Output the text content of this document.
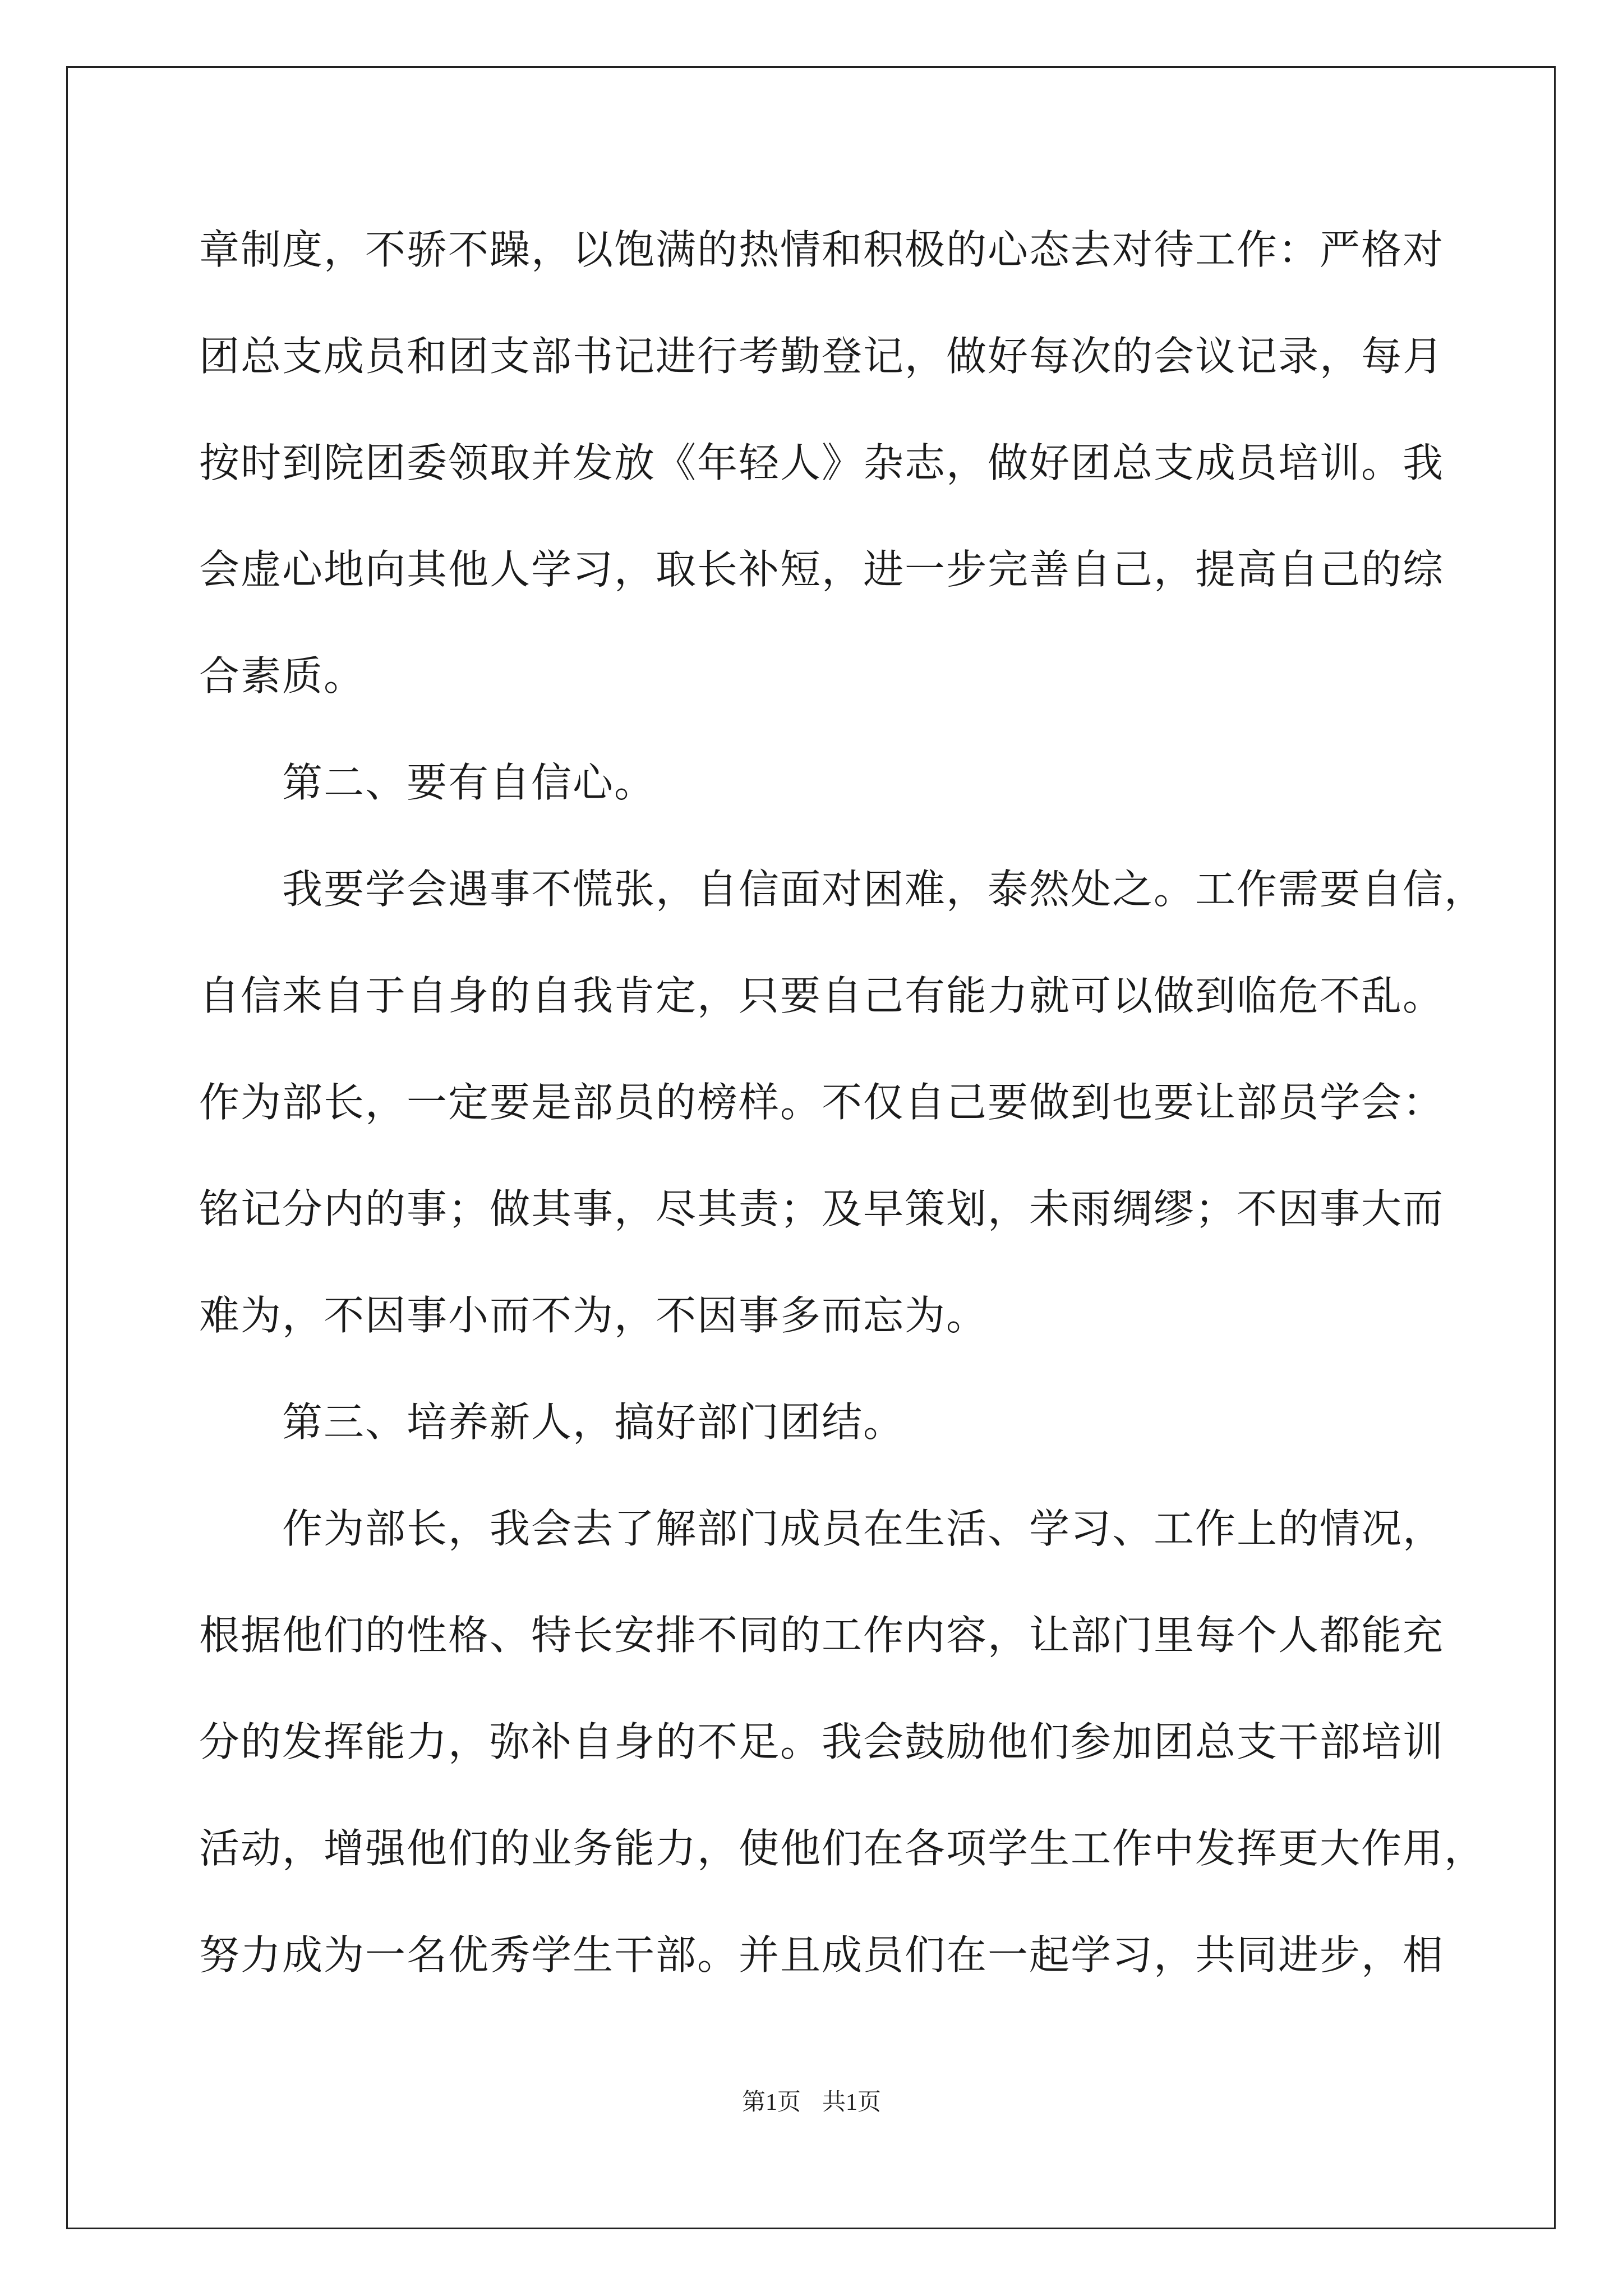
章制度，不骄不躁，以饱满的热情和积极的心态去对待工作：严格对
团总支成员和团支部书记进行考勤登记，做好每次的会议记录，每月
按时到院团委领取并发放《年轻人》杂志，做好团总支成员培训。我
会虚心地向其他人学习，取长补短，进一步完善自己，提高自己的综
合素质。
第二、要有自信心。
我要学会遇事不慌张，自信面对困难，泰然处之。工作需要自信，
自信来自于自身的自我肯定，只要自己有能力就可以做到临危不乱。
作为部长，一定要是部员的榜样。不仅自己要做到也要让部员学会：
铭记分内的事；做其事，尽其责；及早策划，未雨绸缪；不因事大而
难为，不因事小而不为，不因事多而忘为。
第三、培养新人，搞好部门团结。
作为部长，我会去了解部门成员在生活、学习、工作上的情况，
根据他们的性格、特长安排不同的工作内容，让部门里每个人都能充
分的发挥能力，弥补自身的不足。我会鼓励他们参加团总支干部培训
活动，增强他们的业务能力，使他们在各项学生工作中发挥更大作用，
努力成为一名优秀学生干部。并且成员们在一起学习，共同进步，相
第1页 共1页
